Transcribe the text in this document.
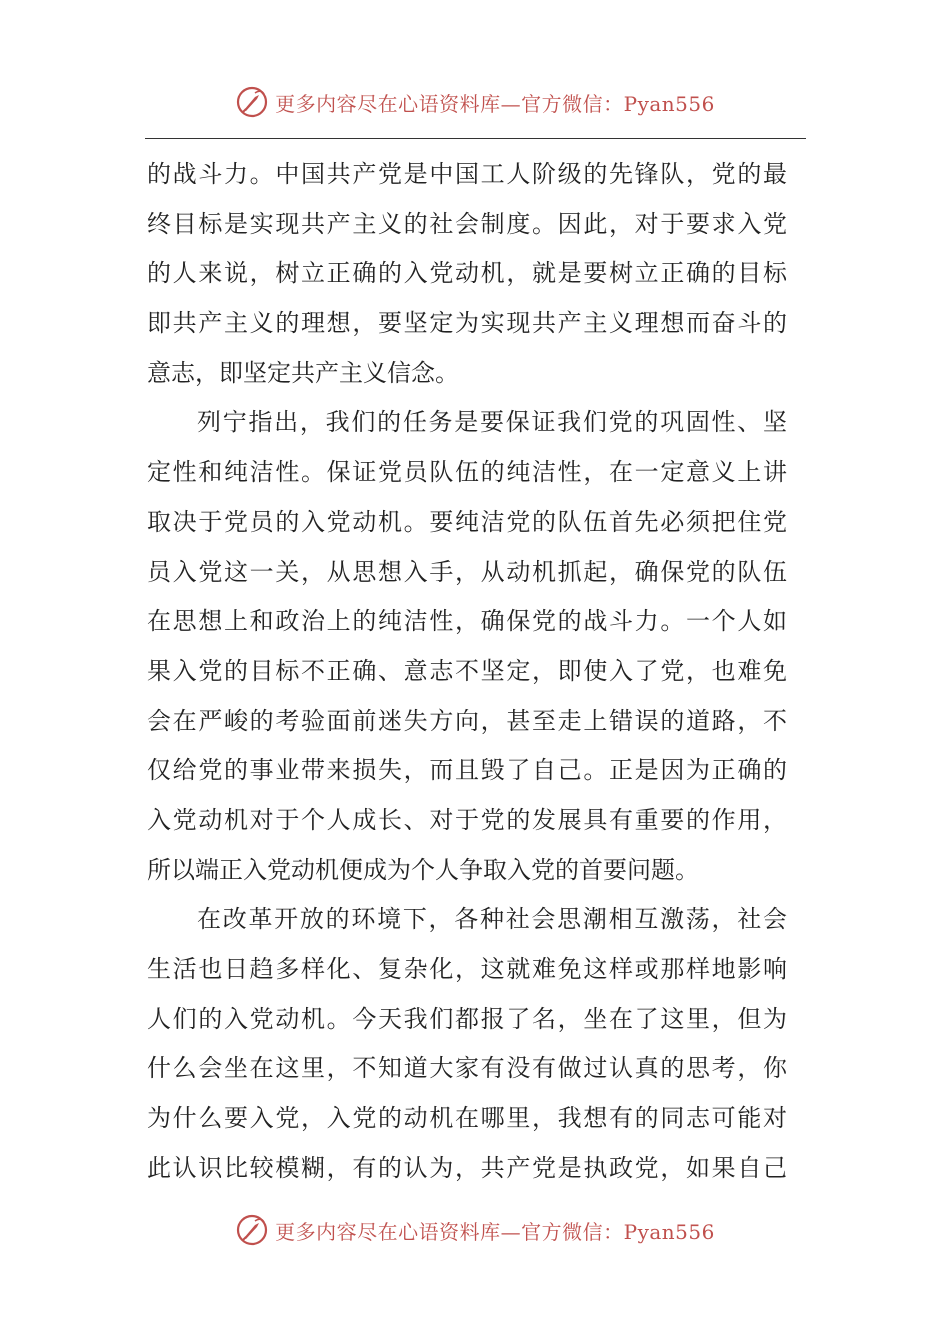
更多内容尽在心语资料库—官方微信：Pyan556
的战斗力。中国共产党是中国工人阶级的先锋队，党的最
终目标是实现共产主义的社会制度。因此，对于要求入党
的人来说，树立正确的入党动机，就是要树立正确的目标
即共产主义的理想，要坚定为实现共产主义理想而奋斗的
意志，即坚定共产主义信念。
列宁指出，我们的任务是要保证我们党的巩固性、坚
定性和纯洁性。保证党员队伍的纯洁性，在一定意义上讲
取决于党员的入党动机。要纯洁党的队伍首先必须把住党
员入党这一关，从思想入手，从动机抓起，确保党的队伍
在思想上和政治上的纯洁性，确保党的战斗力。一个人如
果入党的目标不正确、意志不坚定，即使入了党，也难免
会在严峻的考验面前迷失方向，甚至走上错误的道路，不
仅给党的事业带来损失，而且毁了自己。正是因为正确的
入党动机对于个人成长、对于党的发展具有重要的作用，
所以端正入党动机便成为个人争取入党的首要问题。
在改革开放的环境下，各种社会思潮相互激荡，社会
生活也日趋多样化、复杂化，这就难免这样或那样地影响
人们的入党动机。今天我们都报了名，坐在了这里，但为
什么会坐在这里，不知道大家有没有做过认真的思考，你
为什么要入党，入党的动机在哪里，我想有的同志可能对
此认识比较模糊，有的认为，共产党是执政党，如果自己
更多内容尽在心语资料库—官方微信：Pyan556
